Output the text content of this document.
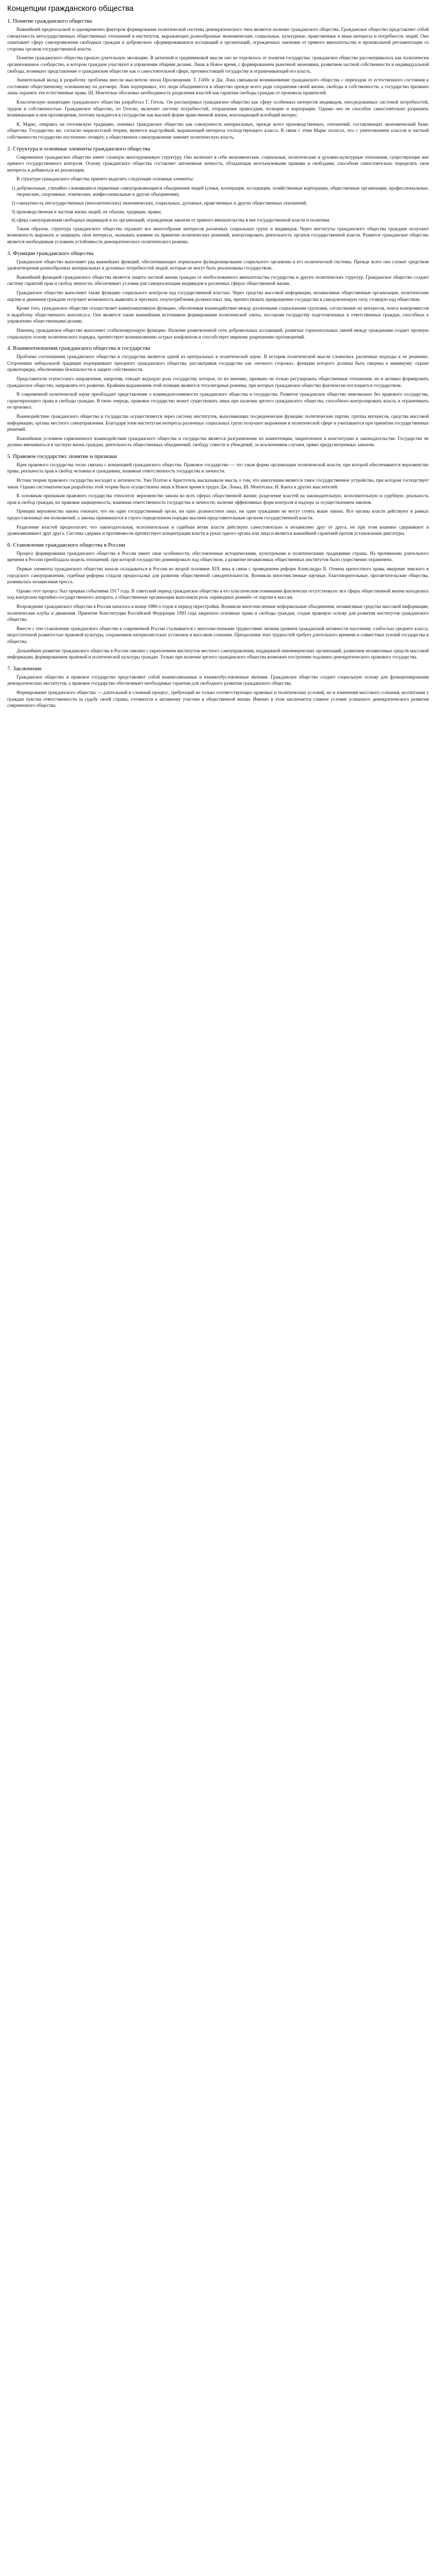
Концепции гражданского общества
1. Понятие гражданского общества

Важнейшей предпосылкой и одновременно фактором формирования политической системы демократического типа является наличие гражданского общества. Гражданское общество представляет собой совокупность негосударственных общественных отношений и институтов, выражающих разнообразные экономические, социальные, культурные, нравственные и иные интересы и потребности людей. Оно охватывает сферу самопроявления свободных граждан и добровольно сформировавшихся ассоциаций и организаций, огражденных законами от прямого вмешательства и произвольной регламентации со стороны органов государственной власти.

Понятие гражданского общества прошло длительную эволюцию. В античной и средневековой мысли оно не отделялось от понятия государства: гражданское общество рассматривалось как политически организованное сообщество, в котором граждане участвуют в управлении общими делами. Лишь в Новое время, с формированием рыночной экономики, развитием частной собственности и индивидуальной свободы, возникает представление о гражданском обществе как о самостоятельной сфере, противостоящей государству и ограничивающей его власть.

Значительный вклад в разработку проблемы внесли мыслители эпохи Просвещения. Т. Гоббс и Дж. Локк связывали возникновение гражданского общества с переходом от естественного состояния к состоянию общественному, основанному на договоре. Локк подчеркивал, что люди объединяются в общество прежде всего ради сохранения своей жизни, свободы и собственности, а государство призвано лишь охранять эти естественные права. Ш. Монтескье обосновал необходимость разделения властей как гарантии свободы граждан от произвола правителей.

Классическую концепцию гражданского общества разработал Г. Гегель. Он рассматривал гражданское общество как сферу особенных интересов индивидов, опосредованных системой потребностей, трудом и собственностью. Гражданское общество, по Гегелю, включает систему потребностей, отправление правосудия, полицию и корпорации. Однако оно не способно самостоятельно разрешить возникающие в нем противоречия, поэтому нуждается в государстве как высшей форме нравственной жизни, воплощающей всеобщий интерес.

К. Маркс, опираясь на гегелевскую традицию, понимал гражданское общество как совокупность материальных, прежде всего производственных, отношений, составляющих экономический базис общества. Государство же, согласно марксистской теории, является надстройкой, выражающей интересы господствующего класса. В связи с этим Маркс полагал, что с уничтожением классов и частной собственности государство постепенно отомрет, а общественное самоуправление заменит политическую власть.

2. Структура и основные элементы гражданского общества

Современное гражданское общество имеет сложную многоуровневую структуру. Оно включает в себя экономические, социальные, политические и духовно-культурные отношения, существующие вне прямого государственного контроля. Основу гражданского общества составляет автономная личность, обладающая неотъемлемыми правами и свободами, способная самостоятельно определять свои интересы и добиваться их реализации.

В структуре гражданского общества принято выделять следующие основные элементы:

1) добровольные, стихийно сложившиеся первичные самоуправляющиеся объединения людей (семья, кооперация, ассоциации, хозяйственные корпорации, общественные организации, профессиональные, творческие, спортивные, этнические, конфессиональные и другие объединения);

2) совокупность негосударственных (неполитических) экономических, социальных, духовных, нравственных и других общественных отношений;

3) производственная и частная жизнь людей, их обычаи, традиции, нравы;

4) сфера самоуправления свободных индивидов и их организаций, огражденная законом от прямого вмешательства в нее государственной власти и политики.

Таким образом, структура гражданского общества отражает все многообразие интересов различных социальных групп и индивидов. Через институты гражданского общества граждане получают возможность выражать и защищать свои интересы, оказывать влияние на принятие политических решений, контролировать деятельность органов государственной власти. Развитое гражданское общество является необходимым условием устойчивости демократического политического режима.

3. Функции гражданского общества

Гражданское общество выполняет ряд важнейших функций, обеспечивающих нормальное функционирование социального организма и его политической системы. Прежде всего оно служит средством удовлетворения разнообразных материальных и духовных потребностей людей, которые не могут быть реализованы государством.

Важнейшей функцией гражданского общества является защита частной жизни граждан от необоснованного вмешательства государства и других политических структур. Гражданское общество создает систему гарантий прав и свобод личности, обеспечивает условия для самореализации индивидов в различных сферах общественной жизни.

Гражданское общество выполняет также функцию социального контроля над государственной властью. Через средства массовой информации, независимые общественные организации, политические партии и движения граждане получают возможность выявлять и пресекать злоупотребления должностных лиц, препятствовать превращению государства в самодовлеющую силу, стоящую над обществом.

Кроме того, гражданское общество осуществляет коммуникативную функцию, обеспечивая взаимодействие между различными социальными группами, согласование их интересов, поиск компромиссов и выработку общественного консенсуса. Оно является также важнейшим источником формирования политической элиты, поставляя государству подготовленных и ответственных граждан, способных к управлению общественными делами.

Наконец, гражданское общество выполняет стабилизирующую функцию. Наличие разветвленной сети добровольных ассоциаций, развитых горизонтальных связей между гражданами создает прочную социальную основу политического порядка, препятствует возникновению острых конфликтов и способствует мирному разрешению противоречий.

4. Взаимоотношения гражданского общества и государства

Проблема соотношения гражданского общества и государства является одной из центральных в политической науке. В истории политической мысли сложились различные подходы к ее решению. Сторонники либеральной традиции подчеркивают приоритет гражданского общества, рассматривая государство как «ночного сторожа», функции которого должны быть сведены к минимуму: охране правопорядка, обеспечению безопасности и защите собственности.

Представители этатистского направления, напротив, отводят ведущую роль государству, которое, по их мнению, призвано не только регулировать общественные отношения, но и активно формировать гражданское общество, направлять его развитие. Крайним выражением этой позиции являются тоталитарные режимы, при которых гражданское общество фактически поглощается государством.

В современной политической науке преобладает представление о взаимодополняемости гражданского общества и государства. Развитое гражданское общество невозможно без правового государства, гарантирующего права и свободы граждан. В свою очередь, правовое государство может существовать лишь при наличии зрелого гражданского общества, способного контролировать власть и ограничивать ее произвол.

Взаимодействие гражданского общества и государства осуществляется через систему институтов, выполняющих посреднические функции: политические партии, группы интересов, средства массовой информации, органы местного самоуправления. Благодаря этим институтам интересы различных социальных групп получают выражение в политической сфере и учитываются при принятии государственных решений.

Важнейшим условием гармоничного взаимодействия гражданского общества и государства является разграничение их компетенции, закрепленное в конституции и законодательстве. Государство не должно вмешиваться в частную жизнь граждан, деятельность общественных объединений, свободу совести и убеждений, за исключением случаев, прямо предусмотренных законом.

5. Правовое государство: понятие и признаки

Идея правового государства тесно связана с концепцией гражданского общества. Правовое государство — это такая форма организации политической власти, при которой обеспечивается верховенство права, реальность прав и свобод человека и гражданина, взаимная ответственность государства и личности.

Истоки теории правового государства восходят к античности. Уже Платон и Аристотель высказывали мысль о том, что наилучшим является такое государственное устройство, при котором господствует закон. Однако систематическая разработка этой теории была осуществлена лишь в Новое время в трудах Дж. Локка, Ш. Монтескье, И. Канта и других мыслителей.

К основным признакам правового государства относятся: верховенство закона во всех сферах общественной жизни; разделение властей на законодательную, исполнительную и судебную; реальность прав и свобод граждан, их правовая защищенность; взаимная ответственность государства и личности; наличие эффективных форм контроля и надзора за осуществлением законов.

Принцип верховенства закона означает, что ни один государственный орган, ни одно должностное лицо, ни один гражданин не могут стоять выше закона. Все органы власти действуют в рамках предоставленных им полномочий, а законы принимаются в строго определенном порядке высшим представительным органом государственной власти.

Разделение властей предполагает, что законодательная, исполнительная и судебная ветви власти действуют самостоятельно и независимо друг от друга, но при этом взаимно сдерживают и уравновешивают друг друга. Система сдержек и противовесов препятствует концентрации власти в руках одного органа или лица и является важнейшей гарантией против установления диктатуры.

6. Становление гражданского общества в России

Процесс формирования гражданского общества в России имеет свои особенности, обусловленные историческими, культурными и политическими традициями страны. На протяжении длительного времени в России преобладала модель отношений, при которой государство доминировало над обществом, а развитие независимых общественных институтов было существенно ограничено.

Первые элементы гражданского общества начали складываться в России во второй половине XIX века в связи с проведением реформ Александра II. Отмена крепостного права, введение земского и городского самоуправления, судебная реформа создали предпосылки для развития общественной самодеятельности. Возникли многочисленные научные, благотворительные, просветительские общества, развивалась независимая пресса.

Однако этот процесс был прерван событиями 1917 года. В советский период гражданское общество в его классическом понимании фактически отсутствовало: все сферы общественной жизни находились под контролем партийно-государственного аппарата, а общественные организации выполняли роль «приводных ремней» от партии к массам.

Возрождение гражданского общества в России началось в конце 1980-х годов в период перестройки. Возникли многочисленные неформальные объединения, независимые средства массовой информации, политические клубы и движения. Принятие Конституции Российской Федерации 1993 года закрепило основные права и свободы граждан, создав правовую основу для развития институтов гражданского общества.

Вместе с тем становление гражданского общества в современной России сталкивается с многочисленными трудностями: низким уровнем гражданской активности населения, слабостью среднего класса, недостаточной развитостью правовой культуры, сохранением патерналистских установок в массовом сознании. Преодоление этих трудностей требует длительного времени и совместных усилий государства и общества.

Дальнейшее развитие гражданского общества в России связано с укреплением институтов местного самоуправления, поддержкой некоммерческих организаций, развитием независимых средств массовой информации, формированием правовой и политической культуры граждан. Только при наличии зрелого гражданского общества возможно построение подлинно демократического правового государства.

7. Заключение

Гражданское общество и правовое государство представляют собой взаимосвязанные и взаимообусловленные явления. Гражданское общество создает социальную основу для функционирования демократических институтов, а правовое государство обеспечивает необходимые гарантии для свободного развития гражданского общества.

Формирование гражданского общества — длительный и сложный процесс, требующий не только соответствующих правовых и политических условий, но и изменения массового сознания, воспитания у граждан чувства ответственности за судьбу своей страны, готовности к активному участию в общественной жизни. Именно в этом заключается главное условие успешного демократического развития современного общества.
